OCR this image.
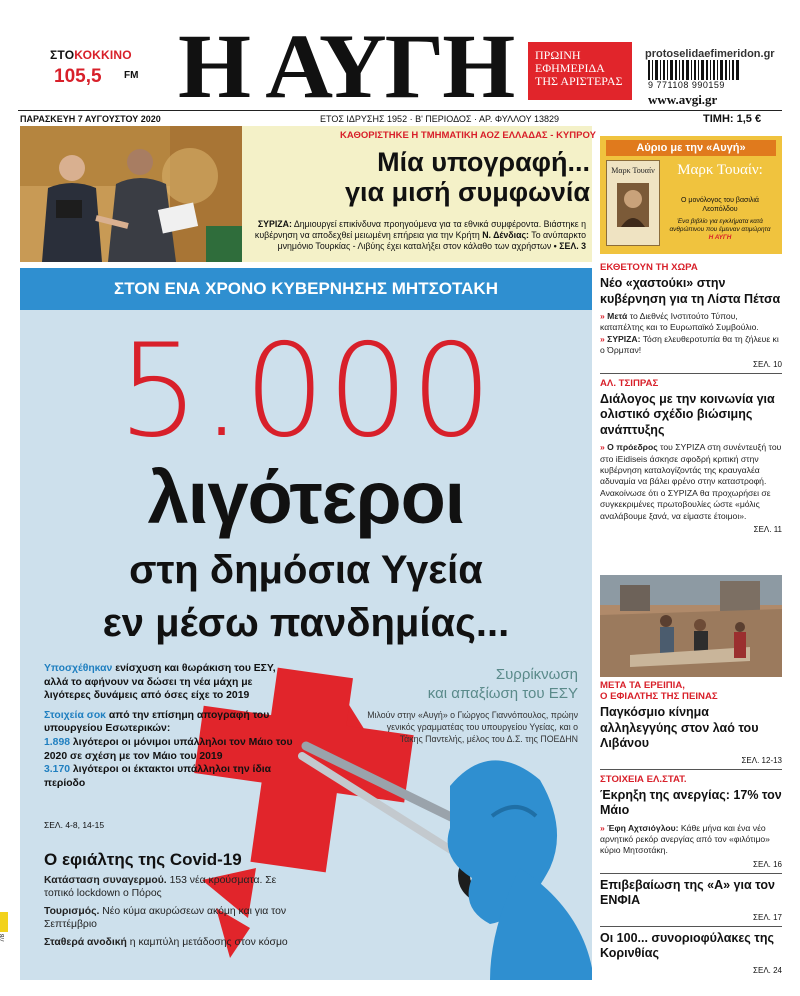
ΣΤΟΚΟΚΚΙΝΟ
105,5 FM Η ΑΥΓΗ ΠΡΩΙΝΗ
ΕΦΗΜΕΡΙΔΑ
ΤΗΣ ΑΡΙΣΤΕΡΑΣ
protoselidaefimeridon.gr
9 771108 990159
www.avgi.gr
ΠΑΡΑΣΚΕΥΗ 7 ΑΥΓΟΥΣΤΟΥ 2020	ΕΤΟΣ ΙΔΡΥΣΗΣ 1952 · Β' ΠΕΡΙΟΔΟΣ · ΑΡ. ΦΥΛΛΟΥ 13829	ΤΙΜΗ: 1,5 €
ΚΑΘΟΡΙΣΤΗΚΕ Η ΤΜΗΜΑΤΙΚΗ ΑΟΖ ΕΛΛΑΔΑΣ - ΚΥΠΡΟΥ
Μία υπογραφή...
για μισή συμφωνία
ΣΥΡΙΖΑ: Δημιουργεί επικίνδυνα προηγούμενα για τα εθνικά συμφέροντα. Βιάστηκε η κυβέρνηση να αποδεχθεί μειωμένη επήρεια για την Κρήτη Ν. Δένδιας: Το ανύπαρκτο μνημόνιο Τουρκίας - Λιβύης έχει καταλήξει στον κάλαθο των αχρήστων • ΣΕΛ. 3
Αύριο με την «Αυγή»
Μαρκ Τουαίν	Μαρκ Τουαίν:
Ο μονόλογος του βασιλιά Λεοπόλδου
Ένα βιβλίο για εγκλήματα κατά ανθρώπινου που έμειναν ατιμώρητα
Η ΑΥΓΗ
ΣΤΟΝ ΕΝΑ ΧΡΟΝΟ ΚΥΒΕΡΝΗΣΗΣ ΜΗΤΣΟΤΑΚΗ
5.000
λιγότεροι
στη δημόσια Υγεία
εν μέσω πανδημίας...

Υποσχέθηκαν ενίσχυση και θωράκιση του ΕΣΥ, αλλά το αφήνουν να δώσει τη νέα μάχη με λιγότερες δυνάμεις από όσες είχε το 2019

Στοιχεία σοκ από την επίσημη απογραφή του υπουργείου Εσωτερικών:

1.898 λιγότεροι οι μόνιμοι υπάλληλοι τον Μάιο του 2020 σε σχέση με τον Μάιο του 2019

3.170 λιγότεροι οι έκτακτοι υπάλληλοι την ίδια περίοδο

ΣΕΛ. 4-8, 14-15
Συρρίκνωση
και απαξίωση του ΕΣΥ
Μιλούν στην «Αυγή» ο Γιώργος Γιαννόπουλος, πρώην γενικός γραμματέας του υπουργείου Υγείας, και ο Τάκης Παντελής, μέλος του Δ.Σ. της ΠΟΕΔΗΝ
Ο εφιάλτης της Covid-19

Κατάσταση συναγερμού. 153 νέα κρούσματα. Σε τοπικό lockdown ο Πόρος

Τουρισμός. Νέο κύμα ακυρώσεων ακόμη και για τον Σεπτέμβριο

Σταθερά ανοδική η καμπύλη μετάδοσης στον κόσμο

ΕΚΘΕΤΟΥΝ ΤΗ ΧΩΡΑ
Νέο «χαστούκι» στην κυβέρνηση για τη Λίστα Πέτσα
» Μετά το Διεθνές Ινστιτούτο Τύπου, καταπέλτης και το Ευρωπαϊκό Συμβούλιο.
» ΣΥΡΙΖΑ: Τόση ελευθεροτυπία θα τη ζήλευε κι ο Όρμπαν!
ΣΕΛ. 10
ΑΛ. ΤΣΙΠΡΑΣ
Διάλογος με την κοινωνία για ολιστικό σχέδιο βιώσιμης ανάπτυξης
» Ο πρόεδρος του ΣΥΡΙΖΑ στη συνέντευξή του στο iEidiseis άσκησε σφοδρή κριτική στην κυβέρνηση καταλογίζοντάς της κραυγαλέα αδυναμία να βάλει φρένο στην καταστροφή. Ανακοίνωσε ότι ο ΣΥΡΙΖΑ θα προχωρήσει σε συγκεκριμένες πρωτοβουλίες ώστε «μόλις αναλάβουμε ξανά, να είμαστε έτοιμοι».
ΣΕΛ. 11
ΜΕΤΑ ΤΑ ΕΡΕΙΠΙΑ,
Ο ΕΦΙΑΛΤΗΣ ΤΗΣ ΠΕΙΝΑΣ
Παγκόσμιο κίνημα αλληλεγγύης στον λαό του Λιβάνου
ΣΕΛ. 12-13
ΣΤΟΙΧΕΙΑ ΕΛ.ΣΤΑΤ.
Έκρηξη της ανεργίας: 17% τον Μάιο
» Έφη Αχτσιόγλου: Κάθε μήνα και ένα νέο αρνητικό ρεκόρ ανεργίας από τον «φιλότιμο» κύριο Μητσοτάκη.
ΣΕΛ. 16
Επιβεβαίωση της «Α» για τον ΕΝΦΙΑ
ΣΕΛ. 17
Οι 100... συνοριοφύλακες της Κορινθίας
ΣΕΛ. 24
7/8
